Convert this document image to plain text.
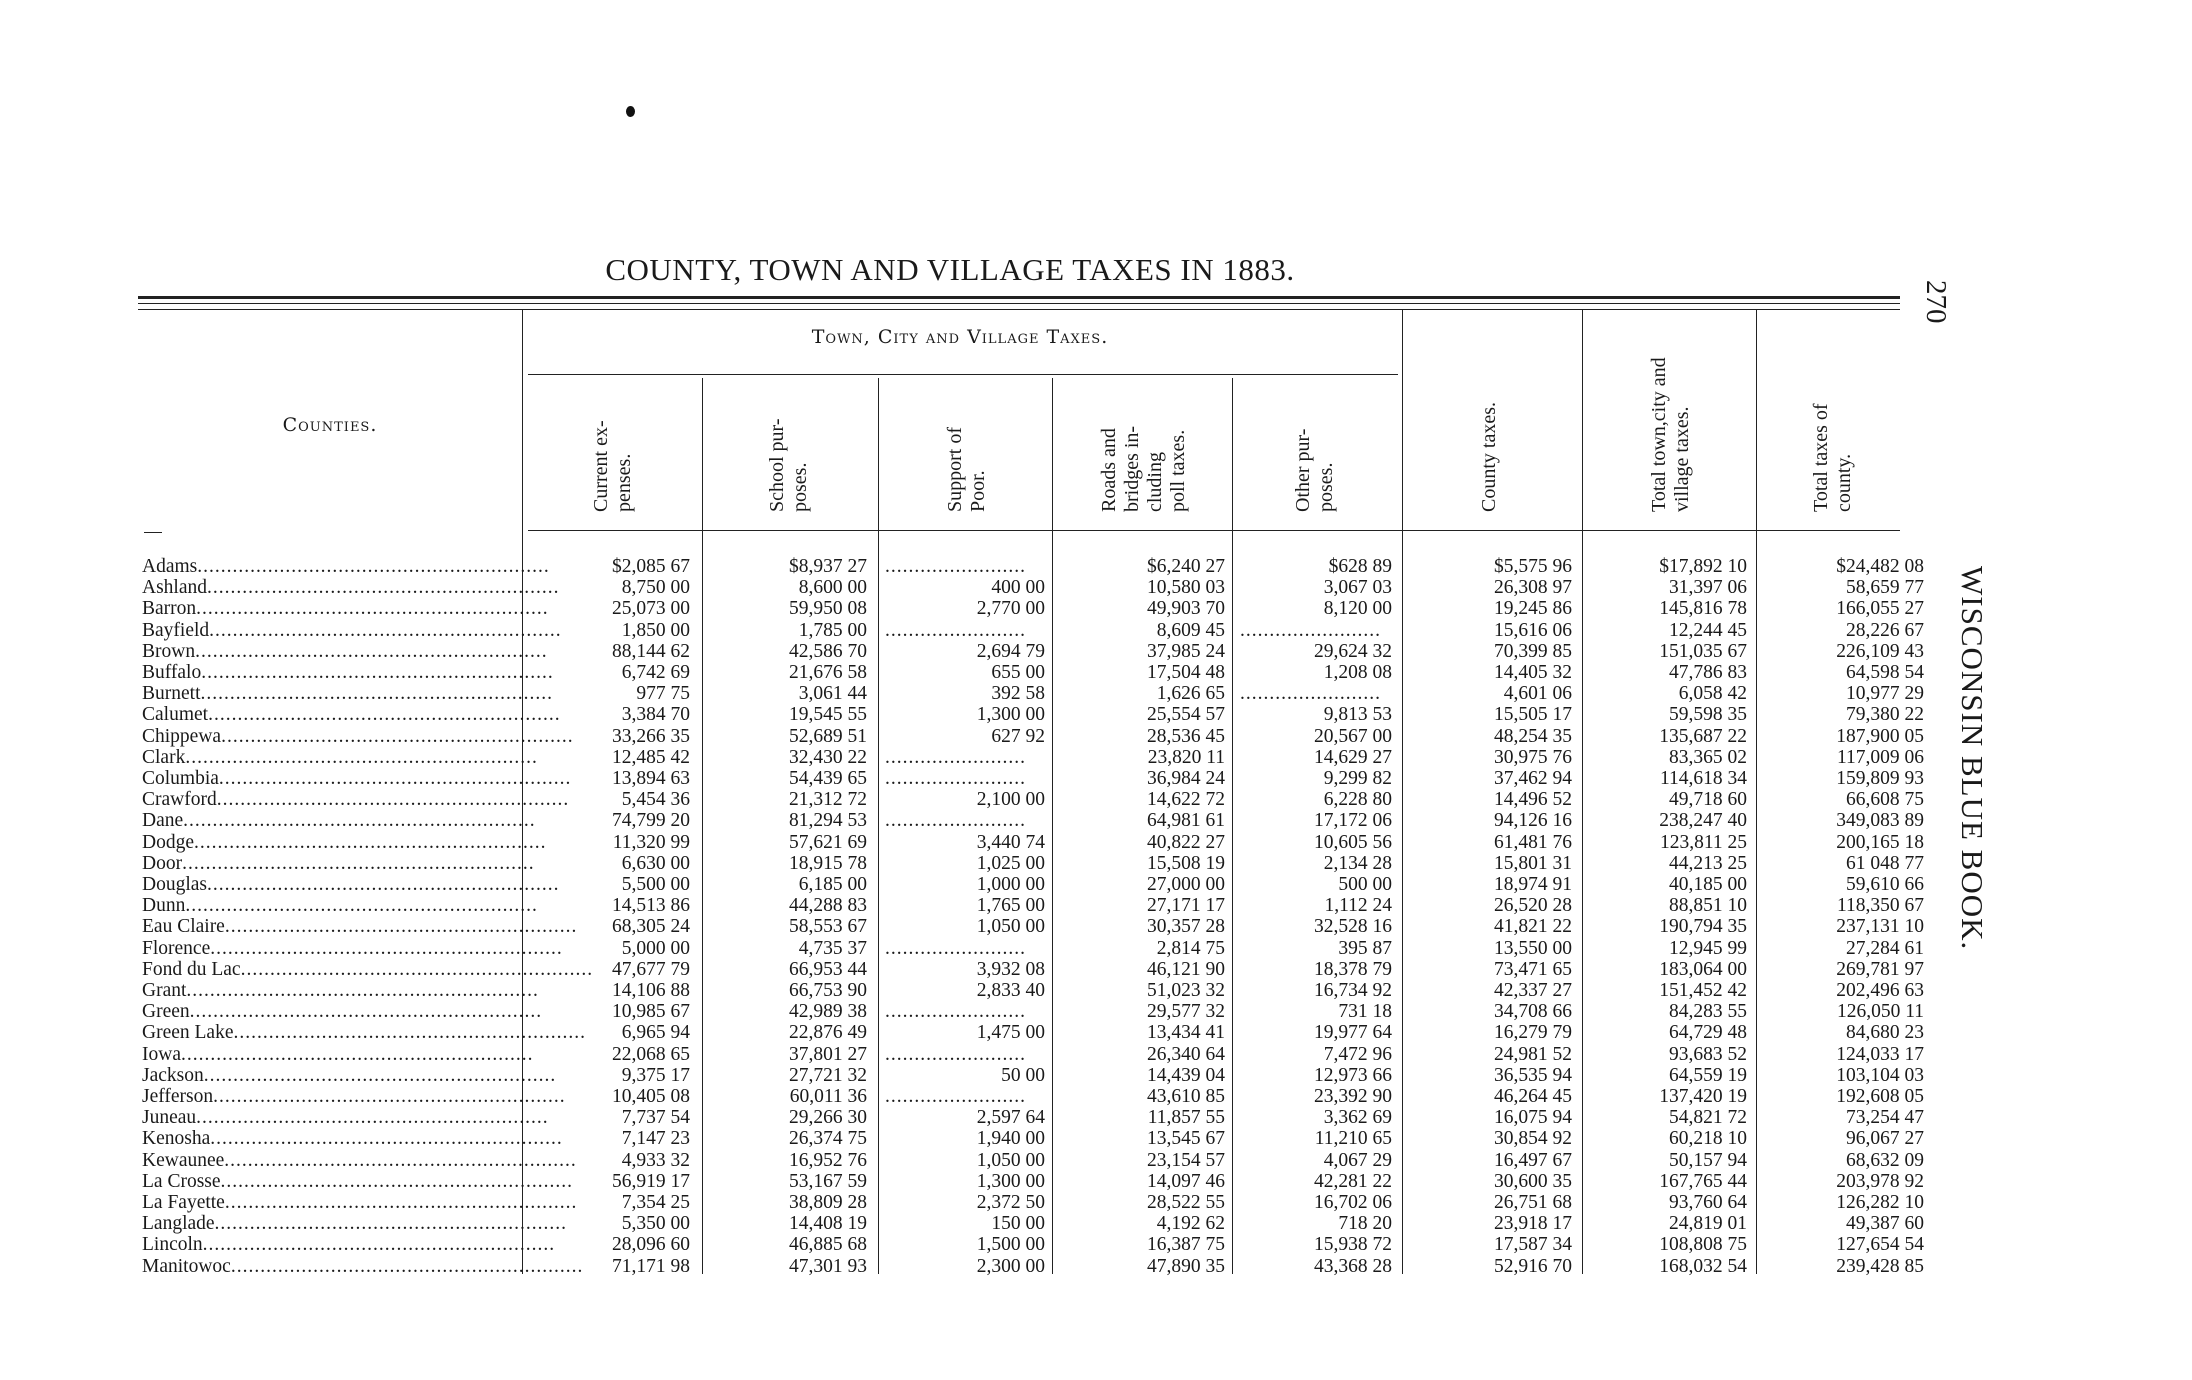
COUNTY, TOWN AND VILLAGE TAXES IN 1883.
270
WISCONSIN BLUE BOOK.
Town, City and Village Taxes.
Counties.
Current ex-
penses.	School pur-
poses.	Support of
Poor.	Roads and
bridges in-
cluding
poll taxes.
Other pur-
poses.	County taxes.	Total town,city and
village taxes.
Total taxes of
county.
Adams............................................................	$2,085 67	$8,937 27 ........................	$6,240 27	$628 89	$5,575 96	$17,892 10	$24,482 08
Ashland............................................................	8,750 00	8,600 00	400 00	10,580 03	3,067 03	26,308 97	31,397 06	58,659 77
Barron............................................................	25,073 00	59,950 08	2,770 00	49,903 70	8,120 00	19,245 86	145,816 78	166,055 27
Bayfield............................................................	1,850 00	1,785 00 ........................	8,609 45 ........................	15,616 06	12,244 45	28,226 67
Brown............................................................	88,144 62	42,586 70	2,694 79	37,985 24	29,624 32	70,399 85	151,035 67	226,109 43
Buffalo............................................................	6,742 69	21,676 58	655 00	17,504 48	1,208 08	14,405 32	47,786 83	64,598 54
Burnett............................................................	977 75	3,061 44	392 58	1,626 65 ........................	4,601 06	6,058 42	10,977 29
Calumet............................................................	3,384 70	19,545 55	1,300 00	25,554 57	9,813 53	15,505 17	59,598 35	79,380 22
Chippewa............................................................	33,266 35	52,689 51	627 92	28,536 45	20,567 00	48,254 35	135,687 22	187,900 05
Clark............................................................	12,485 42	32,430 22 ........................	23,820 11	14,629 27	30,975 76	83,365 02	117,009 06
Columbia............................................................	13,894 63	54,439 65 ........................	36,984 24	9,299 82	37,462 94	114,618 34	159,809 93
Crawford............................................................	5,454 36	21,312 72	2,100 00	14,622 72	6,228 80	14,496 52	49,718 60	66,608 75
Dane............................................................	74,799 20	81,294 53 ........................	64,981 61	17,172 06	94,126 16	238,247 40	349,083 89
Dodge............................................................	11,320 99	57,621 69	3,440 74	40,822 27	10,605 56	61,481 76	123,811 25	200,165 18
Door............................................................	6,630 00	18,915 78	1,025 00	15,508 19	2,134 28	15,801 31	44,213 25	61 048 77
Douglas............................................................	5,500 00	6,185 00	1,000 00	27,000 00	500 00	18,974 91	40,185 00	59,610 66
Dunn............................................................	14,513 86	44,288 83	1,765 00	27,171 17	1,112 24	26,520 28	88,851 10	118,350 67
Eau Claire............................................................	68,305 24	58,553 67	1,050 00	30,357 28	32,528 16	41,821 22	190,794 35	237,131 10
Florence............................................................	5,000 00	4,735 37 ........................	2,814 75	395 87	13,550 00	12,945 99	27,284 61
Fond du Lac............................................................ 47,677 79	66,953 44	3,932 08	46,121 90	18,378 79	73,471 65	183,064 00	269,781 97
Grant............................................................	14,106 88	66,753 90	2,833 40	51,023 32	16,734 92	42,337 27	151,452 42	202,496 63
Green............................................................	10,985 67	42,989 38 ........................	29,577 32	731 18	34,708 66	84,283 55	126,050 11
Green Lake............................................................	6,965 94	22,876 49	1,475 00	13,434 41	19,977 64	16,279 79	64,729 48	84,680 23
Iowa............................................................	22,068 65	37,801 27 ........................	26,340 64	7,472 96	24,981 52	93,683 52	124,033 17
Jackson............................................................	9,375 17	27,721 32	50 00	14,439 04	12,973 66	36,535 94	64,559 19	103,104 03
Jefferson............................................................	10,405 08	60,011 36 ........................	43,610 85	23,392 90	46,264 45	137,420 19	192,608 05
Juneau............................................................	7,737 54	29,266 30	2,597 64	11,857 55	3,362 69	16,075 94	54,821 72	73,254 47
Kenosha............................................................	7,147 23	26,374 75	1,940 00	13,545 67	11,210 65	30,854 92	60,218 10	96,067 27
Kewaunee............................................................	4,933 32	16,952 76	1,050 00	23,154 57	4,067 29	16,497 67	50,157 94	68,632 09
La Crosse............................................................	56,919 17	53,167 59	1,300 00	14,097 46	42,281 22	30,600 35	167,765 44	203,978 92
La Fayette............................................................	7,354 25	38,809 28	2,372 50	28,522 55	16,702 06	26,751 68	93,760 64	126,282 10
Langlade............................................................	5,350 00	14,408 19	150 00	4,192 62	718 20	23,918 17	24,819 01	49,387 60
Lincoln............................................................	28,096 60	46,885 68	1,500 00	16,387 75	15,938 72	17,587 34	108,808 75	127,654 54
Manitowoc............................................................	71,171 98	47,301 93	2,300 00	47,890 35	43,368 28	52,916 70	168,032 54	239,428 85
